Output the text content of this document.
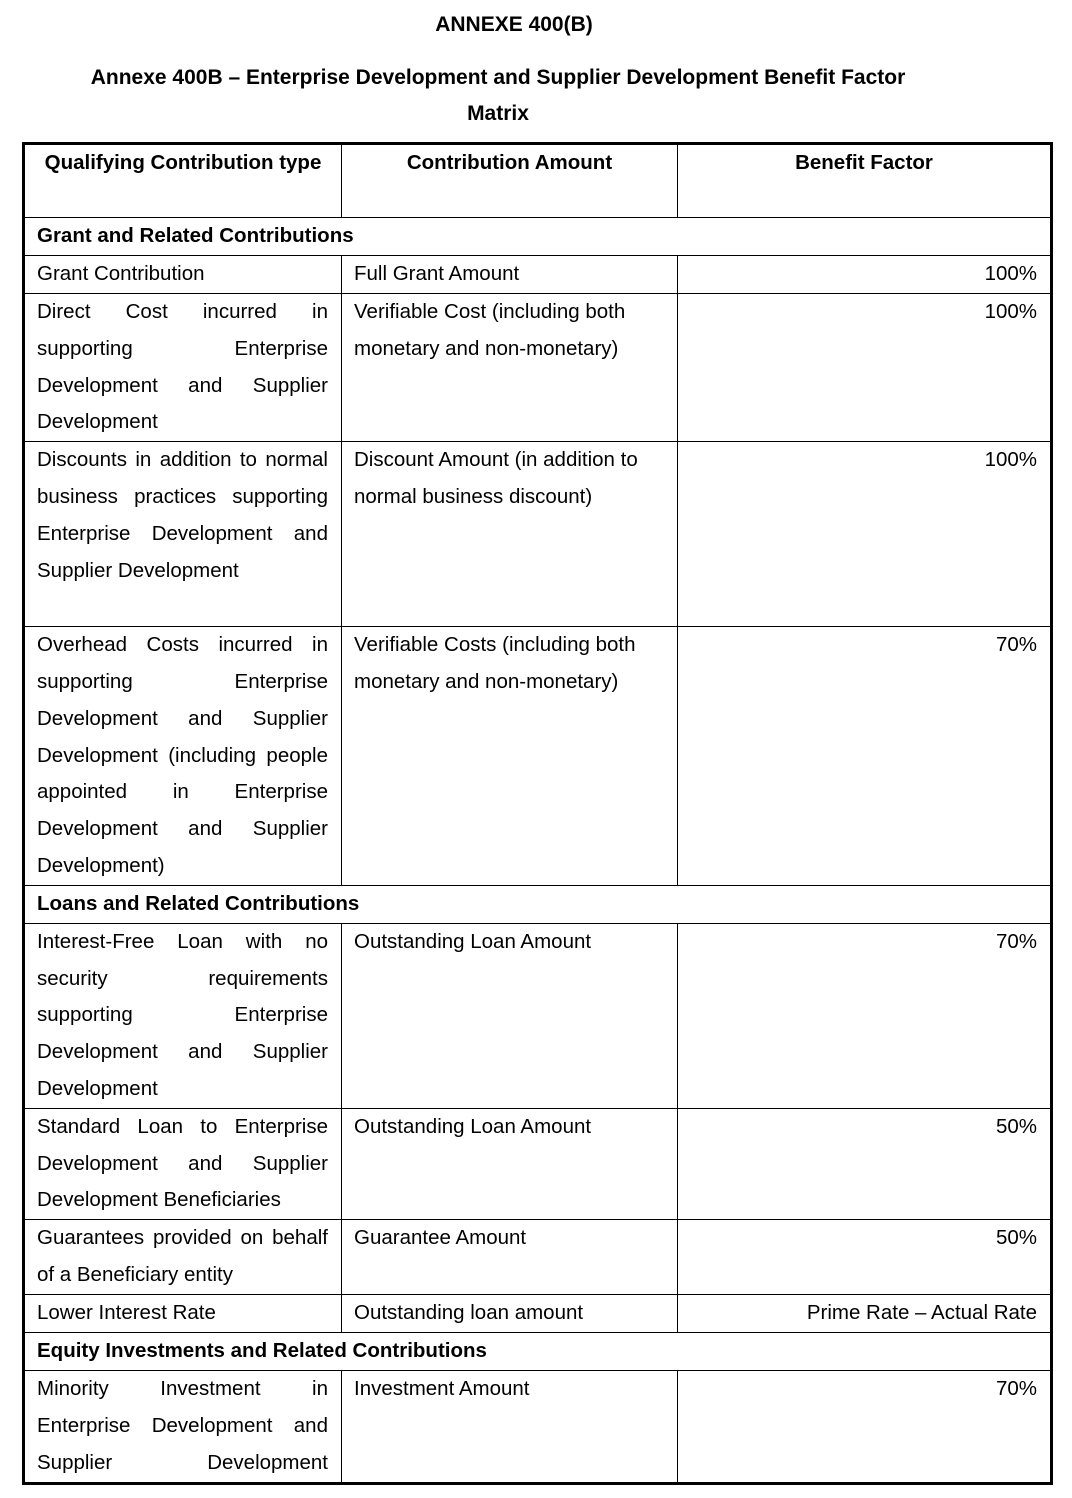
ANNEXE 400(B)
Annexe 400B – Enterprise Development and Supplier Development Benefit Factor
Matrix
Qualifying Contribution type	Contribution Amount	Benefit Factor
Grant and Related Contributions		
Grant Contribution	Full Grant Amount	100%
Direct Cost incurred in supporting Enterprise Development and Supplier Development	Verifiable Cost (including both monetary and non-monetary)	100%
Discounts in addition to normal business practices supporting Enterprise Development and Supplier Development	Discount Amount (in addition to normal business discount)	100%
Overhead Costs incurred in supporting Enterprise Development and Supplier Development (including people appointed in Enterprise Development and Supplier Development)	Verifiable Costs (including both monetary and non-monetary)	70%
Loans and Related Contributions		
Interest-Free Loan with no security requirements supporting Enterprise Development and Supplier Development	Outstanding Loan Amount	70%
Standard Loan to Enterprise Development and Supplier Development Beneficiaries	Outstanding Loan Amount	50%
Guarantees provided on behalf of a Beneficiary entity	Guarantee Amount	50%
Lower Interest Rate	Outstanding loan amount	Prime Rate – Actual Rate
Equity Investments and Related Contributions		
Minority Investment in Enterprise Development and Supplier Development	Investment Amount	70%
